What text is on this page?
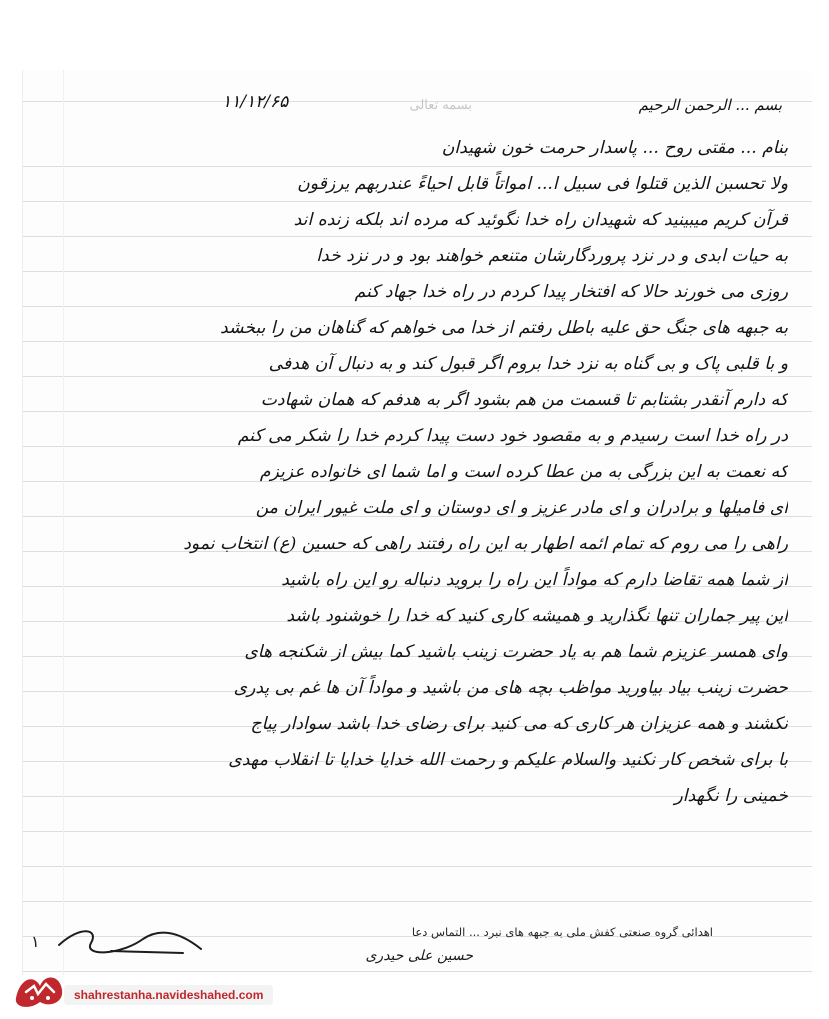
بسم ... الرحمن الرحیم
بسمه تعالی
۱۱/۱۲/۶۵
بنام ... مقتی روح ... پاسدار حرمت خون شهیدان
ولا تحسبن الذین قتلوا فی سبیل ا... امواتاً قابل احیاءً عندربهم یرزقون
قرآن کریم میبینید که شهیدان راه خدا نگوئید که مرده اند بلکه زنده اند
به حیات ابدی و در نزد پروردگارشان متنعم خواهند بود و در نزد خدا
روزی می خورند حالا که افتخار پیدا کردم در راه خدا جهاد کنم
به جبهه های جنگ حق علیه باطل رفتم از خدا می خواهم که گناهان من را ببخشد
و با قلبی پاک و بی گناه به نزد خدا بروم اگر قبول کند و به دنبال آن هدفی
که دارم آنقدر بشتابم تا قسمت من هم بشود اگر به هدفم که همان شهادت
در راه خدا است رسیدم و به مقصود خود دست پیدا کردم خدا را شکر می کنم
که نعمت به این بزرگی به من عطا کرده است و اما شما ای خانواده عزیزم
ای فامیلها و برادران و ای مادر عزیز و ای دوستان و ای ملت غیور ایران من
راهی را می روم که تمام ائمه اطهار به این راه رفتند راهی که حسین (ع) انتخاب نمود
از شما همه تقاضا دارم که مواداً این راه را بروید دنباله رو این راه باشید
این پیر جماران تنها نگذارید و همیشه کاری کنید که خدا را خوشنود باشد
وای همسر عزیزم شما هم به یاد حضرت زینب باشید کما بیش از شکنجه های
حضرت زینب بیاد بیاورید مواظب بچه های من باشید و مواداً آن ها غم بی پدری
نکشند و همه عزیزان هر کاری که می کنید برای رضای خدا باشد سوادار پیاج
با برای شخص کار نکنید والسلام علیکم و رحمت الله خدایا خدایا تا انقلاب مهدی
خمینی را نگهدار
اهدائی گروه صنعتی کفش ملی به جبهه های نبرد ... التماس دعا
حسین علی حیدری
۱
shahrestanha.navideshahed.com
